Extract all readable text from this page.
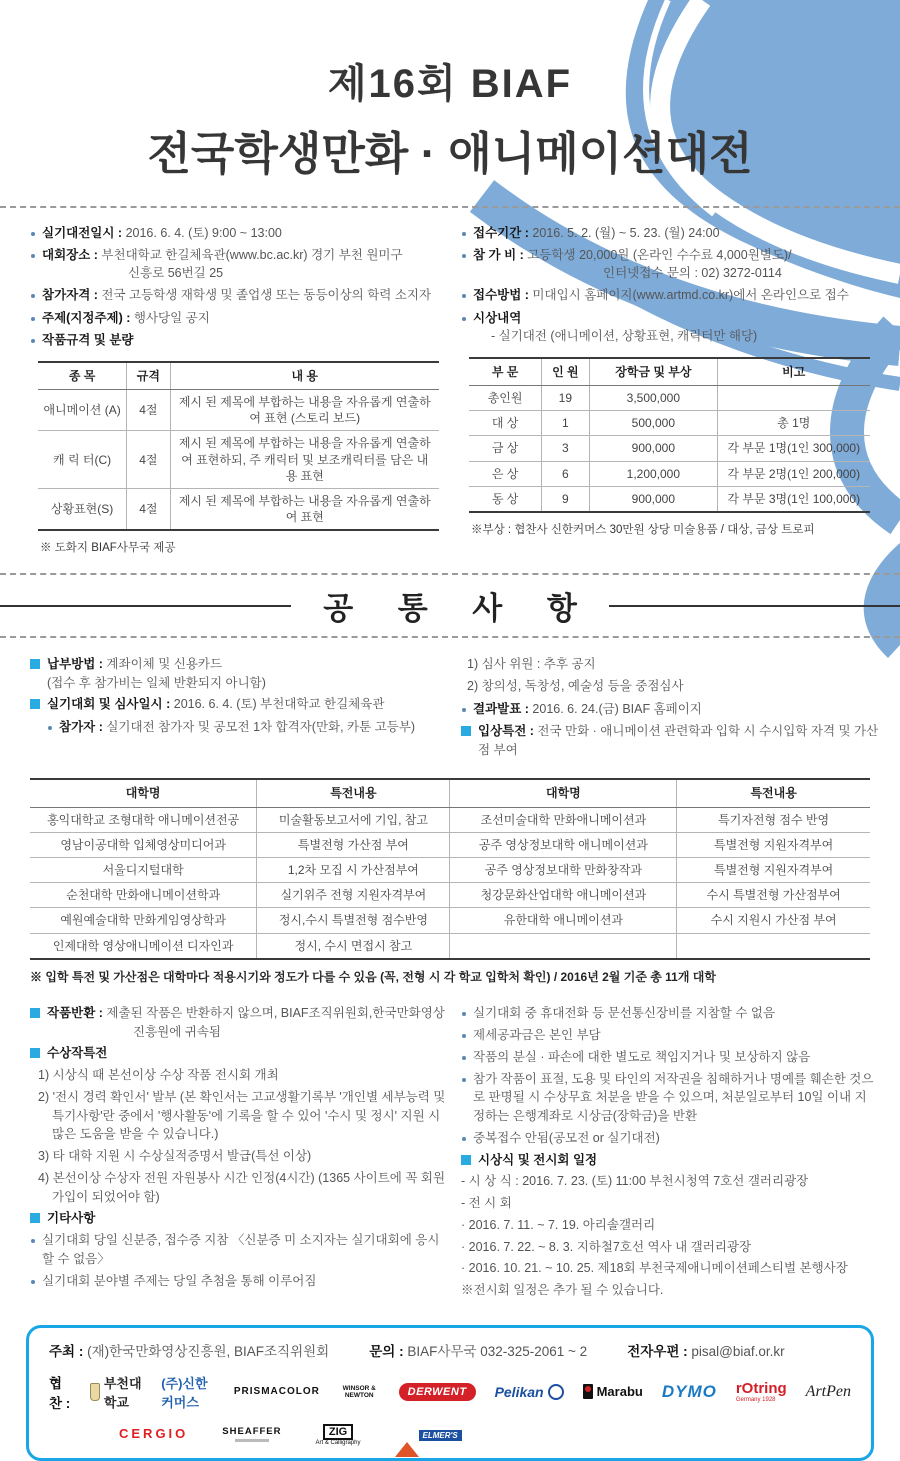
제16회 BIAF
전국학생만화 · 애니메이션대전
실기대전일시 : 2016. 6. 4. (토) 9:00 ~ 13:00
대회장소 : 부천대학교 한길체육관(www.bc.ac.kr) 경기 부천 원미구
신흥로 56번길 25
참가자격 : 전국 고등학생 재학생 및 졸업생 또는 동등이상의 학력 소지자
주제(지정주제) : 행사당일 공지
작품규격 및 분량
종 목	규격	내 용
애니메이션 (A)	4절	제시 된 제목에 부합하는 내용을 자유롭게 연출하여 표현 (스토리 보드)
캐 릭 터(C)	4절	제시 된 제목에 부합하는 내용을 자유롭게 연출하여 표현하되, 주 캐릭터 및 보조캐릭터를 담은 내용 표현
상황표현(S)	4절	제시 된 제목에 부합하는 내용을 자유롭게 연출하여 표현
※ 도화지 BIAF사무국 제공
접수기간 : 2016. 5. 2. (월) ~ 5. 23. (월) 24:00
참 가 비 : 고등학생 20,000원 (온라인 수수료 4,000원별도)/
인터넷접수 문의 : 02) 3272-0114
접수방법 : 미대입시 홈페이지(www.artmd.co.kr)에서 온라인으로 접수
시상내역
- 실기대전 (애니메이션, 상황표현, 캐릭터만 해당)
부 문	인 원	장학금 및 부상	비고
총인원	19	3,500,000	
대 상	1	500,000	총 1명
금 상	3	900,000	각 부문 1명(1인 300,000)
은 상	6	1,200,000	각 부문 2명(1인 200,000)
동 상	9	900,000	각 부문 3명(1인 100,000)
※부상 : 협찬사 신한커머스 30만원 상당 미술용품 / 대상, 금상 트로피
공 통 사 항
납부방법 : 계좌이체 및 신용카드
(접수 후 참가비는 일체 반환되지 아니함)
실기대회 및 심사일시 : 2016. 6. 4. (토) 부천대학교 한길체육관
참가자 : 실기대전 참가자 및 공모전 1차 합격자(만화, 카툰 고등부)
1) 심사 위원 : 추후 공지
2) 창의성, 독창성, 예술성 등을 중점심사
결과발표 : 2016. 6. 24.(금) BIAF 홈페이지
입상특전 : 전국 만화 · 애니메이션 관련학과 입학 시 수시입학 자격 및 가산점 부여
대학명	특전내용	대학명	특전내용
홍익대학교 조형대학 애니메이션전공	미술활동보고서에 기입, 참고	조선미술대학 만화애니메이션과	특기자전형 점수 반영
영남이공대학 입체영상미디어과	특별전형 가산점 부여	공주 영상정보대학 애니메이션과	특별전형 지원자격부여
서울디지털대학	1,2차 모집 시 가산점부여	공주 영상정보대학 만화창작과	특별전형 지원자격부여
순천대학 만화애니메이션학과	실기위주 전형 지원자격부여	청강문화산업대학 애니메이션과	수시 특별전형 가산점부여
예원예술대학 만화게임영상학과	정시,수시 특별전형 점수반영	유한대학 애니메이션과	수시 지원시 가산점 부여
인제대학 영상애니메이션 디자인과	정시, 수시 면접시 참고		
※ 입학 특전 및 가산점은 대학마다 적용시기와 정도가 다를 수 있음 (꼭, 전형 시 각 학교 입학처 확인) / 2016년 2월 기준 총 11개 대학
작품반환 : 제출된 작품은 반환하지 않으며, BIAF조직위원회,한국만화영상
진흥원에 귀속됨
수상작특전
1) 시상식 때 본선이상 수상 작품 전시회 개최
2) '전시 경력 확인서' 발부 (본 확인서는 고교생활기록부 '개인별 세부능력 및 특기사항'란 중에서 '행사활동'에 기록을 할 수 있어 '수시 및 정시' 지원 시 많은 도움을 받을 수 있습니다.)
3) 타 대학 지원 시 수상실적증명서 발급(특선 이상)
4) 본선이상 수상자 전원 자원봉사 시간 인정(4시간) (1365 사이트에 꼭 회원가입이 되었어야 함)
기타사항
실기대회 당일 신분증, 접수증 지참 〈신분증 미 소지자는 실기대회에 응시할 수 없음〉
실기대회 분야별 주제는 당일 추첨을 통해 이루어짐
실기대회 중 휴대전화 등 문선통신장비를 지참할 수 없음
제세공과금은 본인 부담
작품의 분실 · 파손에 대한 별도로 책임지거나 및 보상하지 않음
참가 작품이 표절, 도용 및 타인의 저작권을 침해하거나 명예를 훼손한 것으로 판명될 시 수상무효 처분을 받을 수 있으며, 처분일로부터 10일 이내 지정하는 은행계좌로 시상금(장학금)을 반환
중복접수 안됨(공모전 or 실기대전)
시상식 및 전시회 일정
- 시 상 식 : 2016. 7. 23. (토) 11:00 부천시청역 7호선 갤러리광장
- 전 시 회
· 2016. 7. 11. ~ 7. 19. 아리솔갤러리
· 2016. 7. 22. ~ 8. 3. 지하철7호선 역사 내 갤러리광장
· 2016. 10. 21. ~ 10. 25. 제18회 부천국제애니메이션페스티벌 본행사장
※전시회 일정은 추가 될 수 있습니다.
주최 : (재)한국만화영상진흥원, BIAF조직위원회	문의 : BIAF사무국 032-325-2061 ~ 2	전자우편 : pisal@biaf.or.kr
협찬 :
부천대학교
(주)신한커머스
PRISMACOLOR	WINSOR & NEWTON	DERWENT	Pelikan	Marabu DYMO rOtring
Germany 1928	ArtPen
CERGIO	SHEAFFER	ZIG
Art & Calligraphy
ELMER'S
